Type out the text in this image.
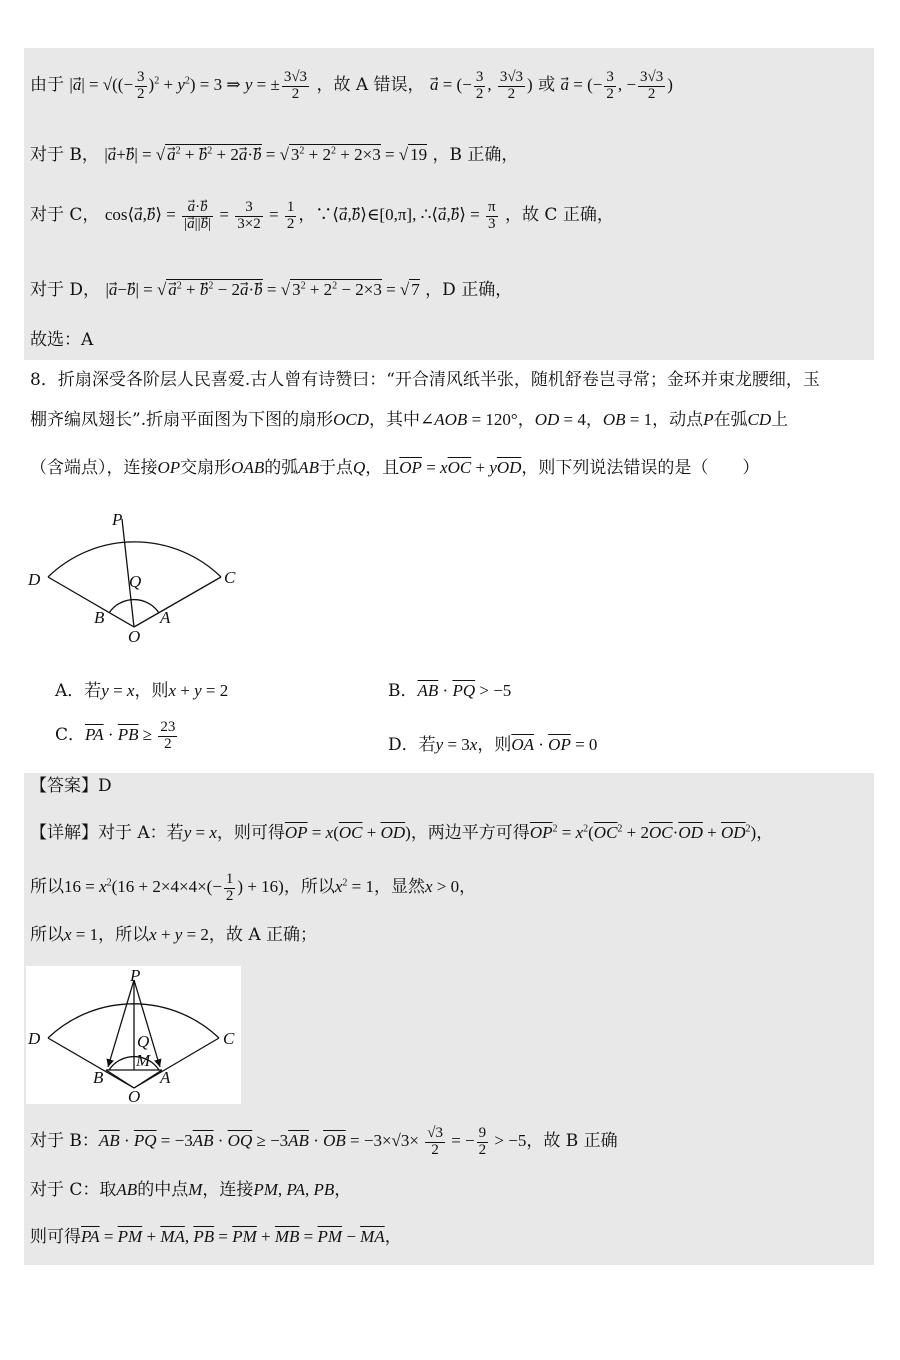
由于 |a⃗| = √((− $\frac{3}{2} )^2 + y^2) = 3$ ⇒ y = ± $\frac{3√3}{2}$ ，故 A 错误， a⃗ = (− $\frac{3}{2}$ , $\frac{3√3}{2}$ ) 或 a⃗ = (− $\frac{3}{2}$ , − $\frac{3√3}{2}$ )
对于 B， |a⃗+b⃗| = √ $a^2 + b^2$ + 2a⃗·b = √ $3^2 + 2^2 + 2\times 3$ = √ 19 ，B 正确，
对于 C， cos⟨a⃗,b⃗⟩ = $\frac{a⃗\cdot b}{|a⃗||b⃗|} = \frac{3}{3\times 2} = \frac{1}{2}$ ，∵⟨a⃗,b⃗⟩∈[0,π], ∴⟨a⃗,b⃗⟩ = $\frac{\pi}{3}$ ，故 C 正确，
对于 D， |a⃗−b⃗| = √ $a^2 + b^2$ − 2a⃗·b = √ $3^2 + 2^2 - 2\times 3$ = √ 7 ，D 正确，
故选：A
8．折扇深受各阶层人民喜爱.古人曾有诗赞曰：“开合清风纸半张，随机舒卷岂寻常；金环并束龙腰细，玉
棚齐编凤翅长”.折扇平面图为下图的扇形OCD，其中∠AOB = 120°，OD = 4，OB = 1，动点P在弧CD上
（含端点），连接OP交扇形OAB的弧AB于点Q，且$\overline{OP} = x\overline{OC} + y\overline{OD}$，则下列说法错误的是（　　）
P
D	C
Q
B	A
O
A．若y = x，则x + y = 2	B．$\overline{AB} \cdot \overline{PQ} > -5$
C．$\overline{PA} \cdot \overline{PB} \ge \frac{23}{2}$	D．若y = 3x，则$\overline{OA} \cdot \overline{OP} = 0$
【答案】D
【详解】对于 A：若y = x，则可得$\overline{OP} = x(\overline{OC} + \overline{OD})$，两边平方可得$\overline{OP}^2 = x^2(\overline{OC}^2 + 2\overline{OC}\cdot\overline{OD} + \overline{OD}^2)$，
所以$16 = x^2(16 + 2\times 4\times 4\times(- \frac{1}{2}$ ) + 16)，所以$x^2 = 1$，显然x > 0，
所以x = 1，所以x + y = 2，故 A 正确；
P
D	C
Q
M
B	A
O
对于 B：$\overline{AB} \cdot \overline{PQ} = -3\overline{AB} \cdot \overline{OQ} \ge -3\overline{AB} \cdot \overline{OB} = -3\times√3\times \frac{√3}{2}$ = − $\frac{9}{2} > -5$，故 B 正确
对于 C：取AB的中点M，连接PM, PA, PB，
则可得$\overline{PA} = \overline{PM} + \overline{MA}$, $\overline{PB} = \overline{PM} + \overline{MB} = \overline{PM} - \overline{MA}$，
